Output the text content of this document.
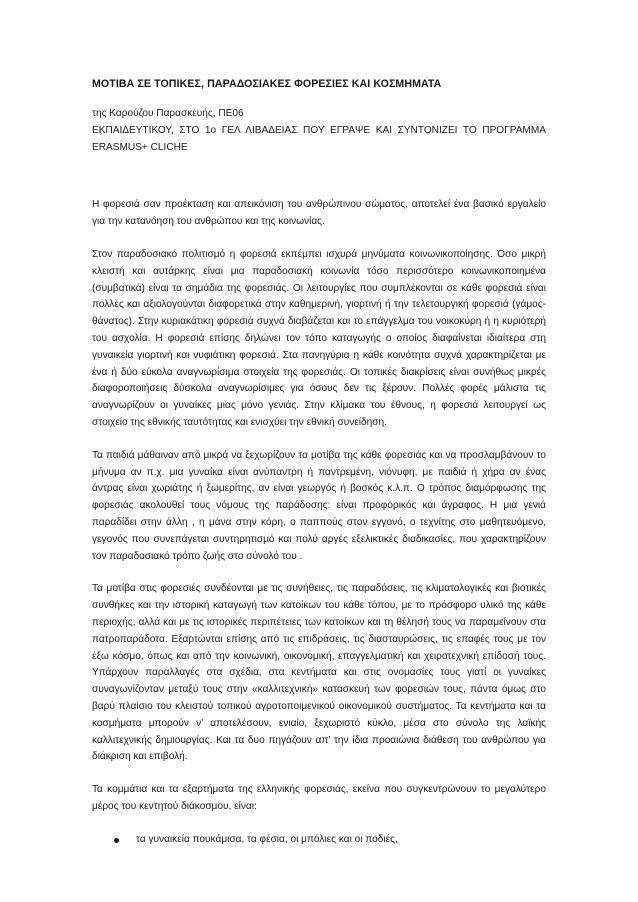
ΜΟΤΙΒΑ ΣΕ ΤΟΠΙΚΕΣ, ΠΑΡΑΔΟΣΙΑΚΕΣ ΦΟΡΕΣΙΕΣ ΚΑΙ ΚΟΣΜΗΜΑΤΑ
της Καρούζου Παρασκευής, ΠΕ06
ΕΚΠΑΙΔΕΥΤΙΚΟΥ, ΣΤΟ 1ο ΓΕΛ ΛΙΒΑΔΕΙΑΣ ΠΟΥ ΕΓΡΑΨΕ ΚΑΙ ΣΥΝΤΟΝΙΖΕΙ ΤΟ ΠΡΟΓΡΑΜΜΑ ERASMUS+ CLICHE

Η φορεσιά σαν προέκταση και απεικόνιση του ανθρώπινου σώματος, αποτελεί ένα βασικό εργαλείο για την κατανόηση του ανθρώπου και της κοινωνίας.

Στον παραδοσιακό πολιτισμό η φορεσιά εκπέμπει ισχυρά μηνύματα κοινωνικοποίησης. Όσο μικρή κλειστή και αυτάρκης είναι μια παραδοσιακή κοινωνία τόσο περισσότερο κοινωνικοποιημένα (συμβατικά) είναι τα σημάδια της φορεσιάς. Οι λειτουργίες που συμπλέκονται σε κάθε φορεσιά είναι πολλές και αξιολογούνται διαφορετικά στην καθημερινή, γιορτινή ή την τελετουργική φορεσιά (γάμος-θάνατος). Στην κυριακάτικη φορεσιά συχνά διαβάζεται και το επάγγελμα του νοικοκύρη ή η κυριότερή του ασχολία. Η φορεσιά επίσης δηλώνει τον τόπο καταγωγής ο οποίος διαφαίνεται ιδιαίτερα στη γυναικεία γιορτινή και νυφιάτικη φορεσιά. Στα πανηγύρια η κάθε κοινότητα συχνά χαρακτηρίζεται με ένα ή δύο εύκολα αναγνωρίσιμα στοιχεία της φορεσιάς. Οι τοπικές διακρίσεις είναι συνήθως μικρές διαφοροποιήσεις δύσκολα αναγνωρίσιμες για όσους δεν τις ξέρουν. Πολλές φορές μάλιστα τις αναγνωρίζουν οι γυναίκες μιας μόνο γενιάς. Στην κλίμακα του έθνους, η φορεσιά λειτουργεί ως στοιχείο της εθνικής ταυτότητας και ενισχύει την εθνική συνείδηση.

Τα παιδιά μάθαιναν από μικρά να ξεχωρίζουν τα μοτίβα της κάθε φορεσιάς και να προσλαμβάνουν το μήνυμα αν π.χ. μια γυναίκα είναι ανύπαντρη ή παντρεμένη, νιόνυφη, με παιδιά ή χήρα αν ένας άντρας είναι χωριάτης ή ξωμερίτης, αν είναι γεωργός ή βοσκός κ.λ.π. Ο τρόπος διαμόρφωσης της φορεσιάς ακολουθεί τους νόμους της παράδοσης: είναι προφορικός και άγραφος. Η μια γενιά παραδίδει στην άλλη , η μάνα στην κόρη, ο παππούς στον εγγονό, ο τεχνίτης στο μαθητευόμενο, γεγονός που συνεπάγεται συντηρητισμό και πολύ αργές εξελικτικές διαδικασίες, που χαρακτηρίζουν τον παραδοσιακό τρόπο ζωής στο σύνολό του .

Τα μοτίβα στις φορεσιές συνδέονται με τις συνήθειες, τις παραδόσεις, τις κλιματολογικές και βιοτικές συνθήκες και την ιστορική καταγωγή των κατοίκων του κάθε τόπου, με το πρόσφορο υλικό της κάθε περιοχής, αλλά και με τις ιστορικές περιπέτειες των κατοίκων και τη θέλησή τους να παραμείνουν στα πατροπαράδοτα. Εξαρτώνται επίσης από τις επιδράσεις, τις διασταυρώσεις, τις επαφές τους με τον έξω κόσμο, όπως και από την κοινωνική, οικονομική, επαγγελματική και χειροτεχνική επίδοσή τους. Υπάρχουν παραλλαγές στα σχέδια, στα κεντήματα και στις ονομασίες τους γιατί οι γυναίκες συναγωνίζονταν μεταξύ τους στην «καλλιτεχνική» κατασκευή των φορεσιών τους, πάντα όμως στο βαρύ πλαίσιο του κλειστού τοπικού αγροτοποιμενικού οικονομικού συστήματος. Τα κεντήματα και τα κοσμήματα μπορούν ν’ αποτελέσουν, ενιαίο, ξεχωριστό κύκλο, μέσα στο σύνολο της λαϊκής καλλιτεχνικής δημιουργίας. Και τα δυο πηγάζουν απ’ την ίδια προαιώνια διάθεση του ανθρώπου για διάκριση και επιβολή.

Τα κομμάτια και τα εξαρτήματα της ελληνικής φορεσιάς, εκείνα που συγκεντρώνουν το μεγαλύτερο μέρος του κεντητού διάκοσμου, είναι:

τα γυναικεία πουκάμισα, τα φέσια, οι μπόλιες και οι ποδιές,
